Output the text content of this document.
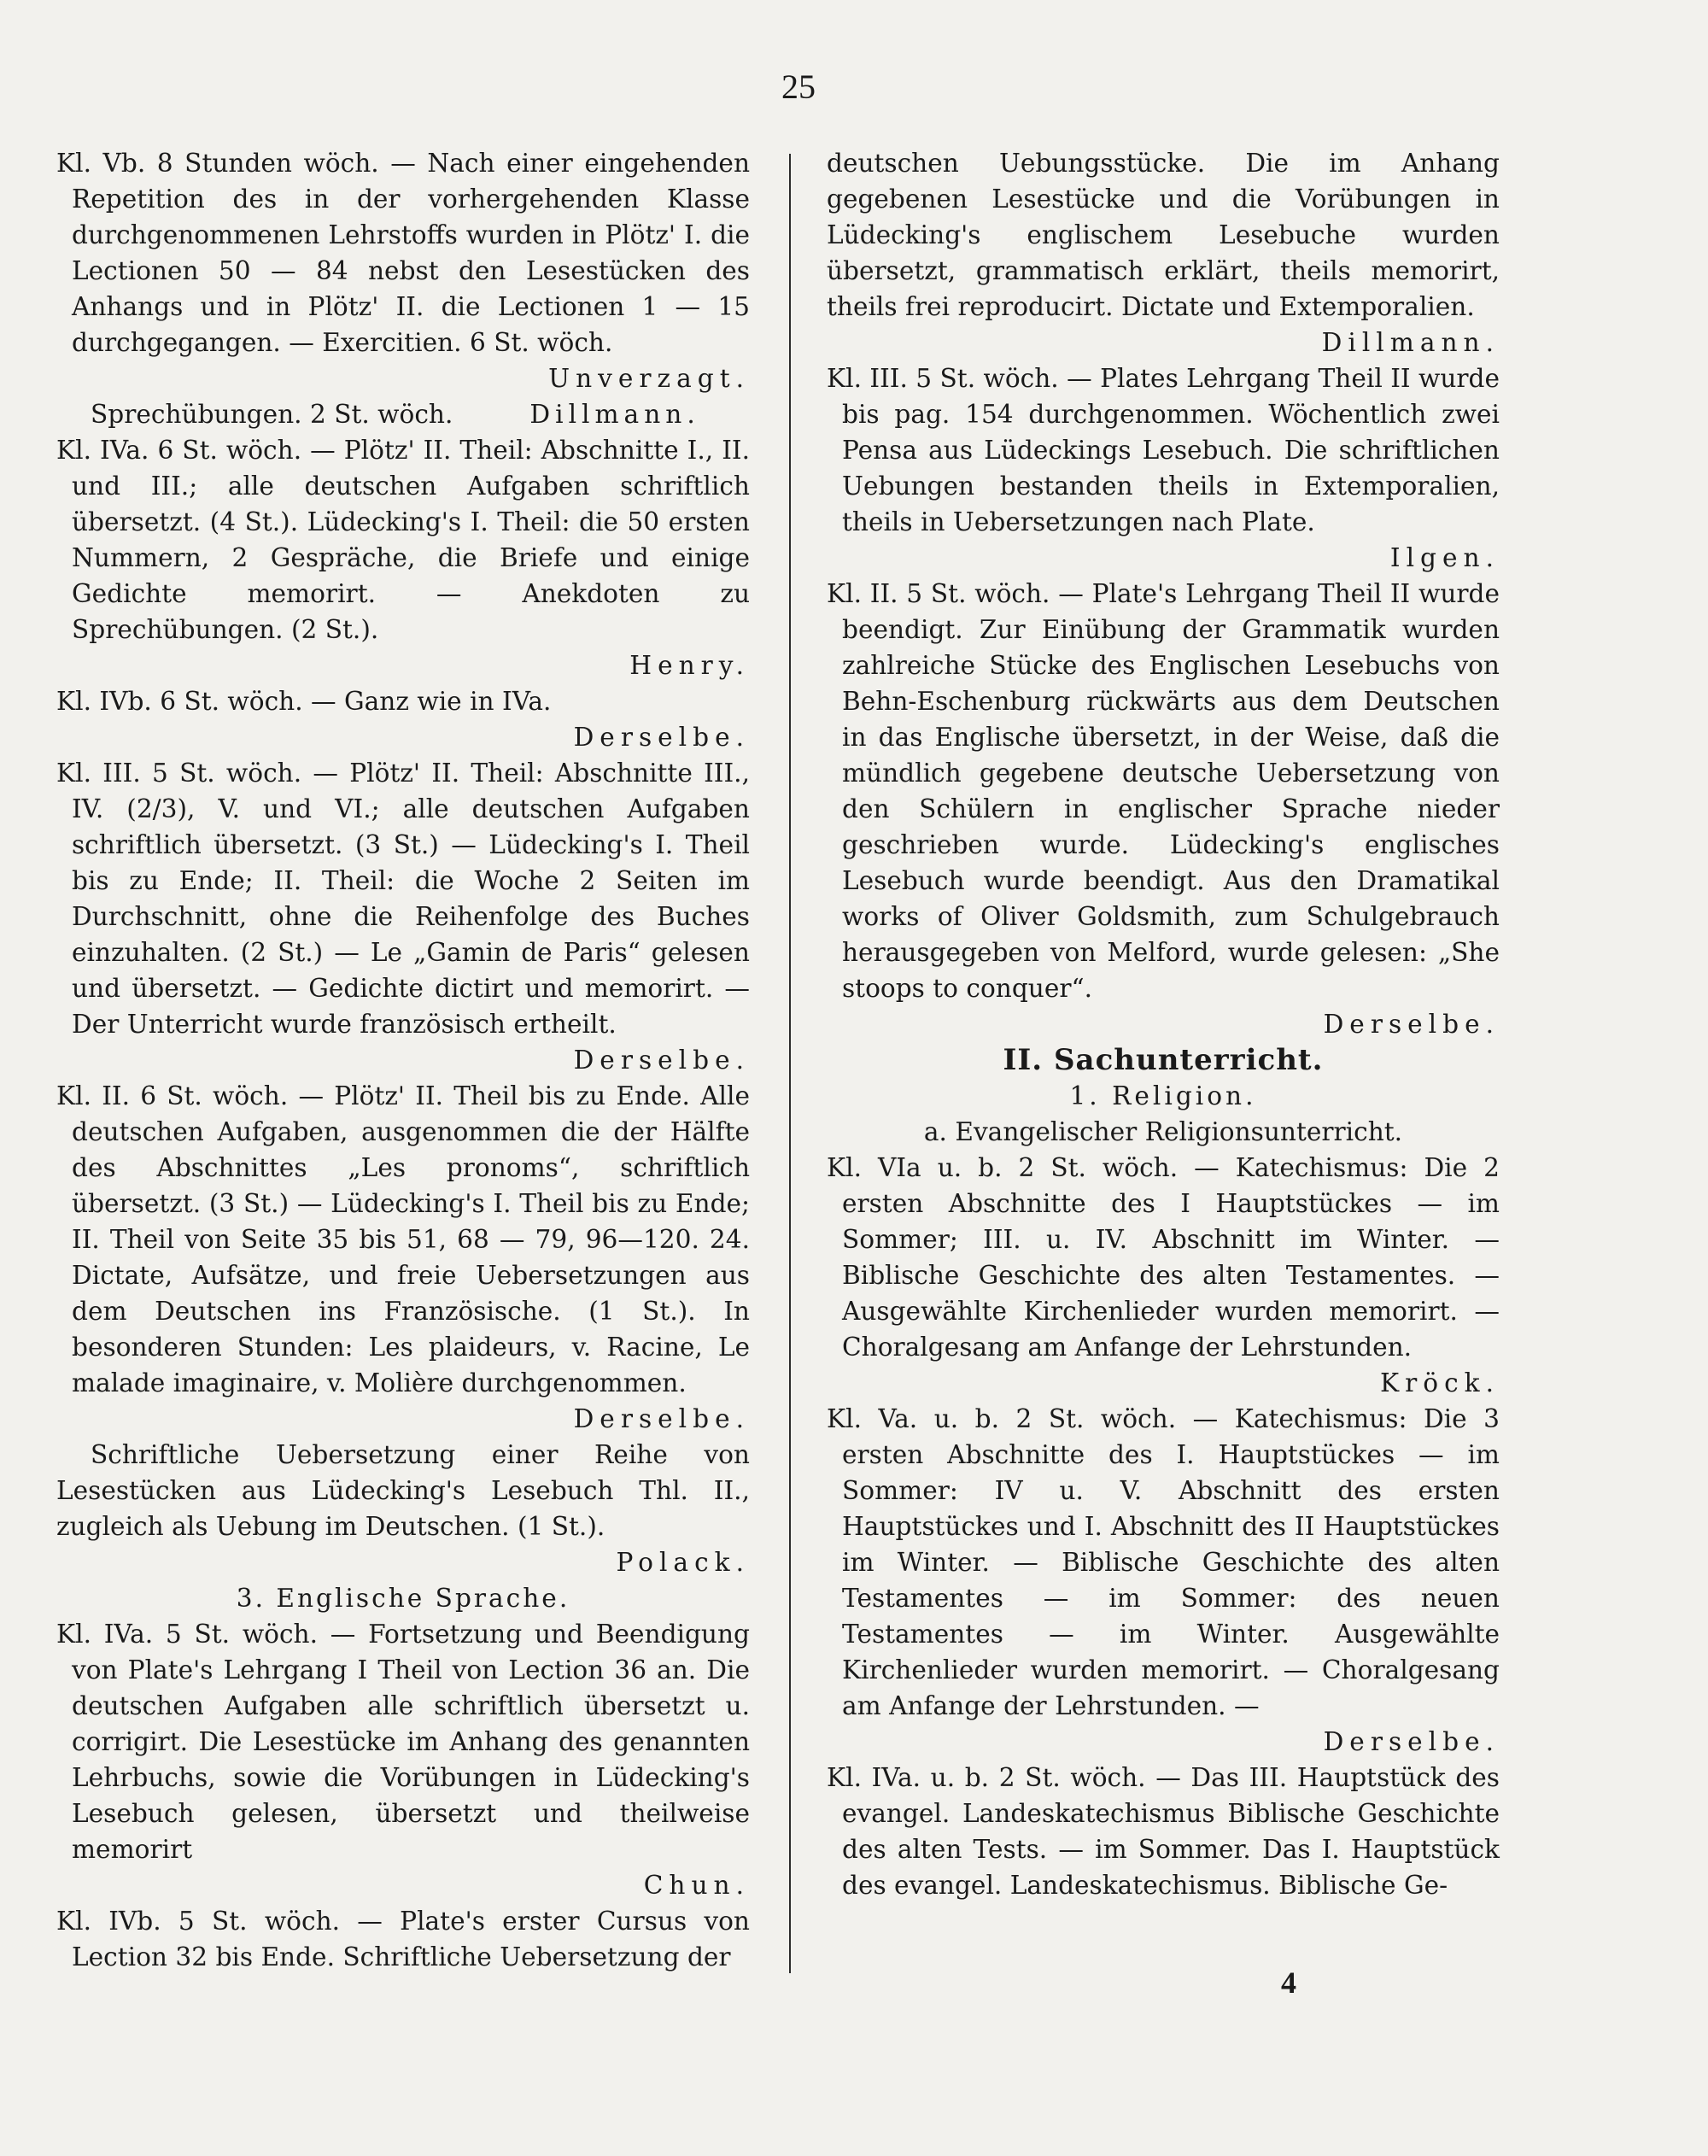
25

Kl. Vb. 8 Stunden wöch. — Nach einer eingehenden Repetition des in der vorhergehenden Klasse durchgenommenen Lehrstoffs wurden in Plötz' I. die Lectionen 50 — 84 nebst den Lesestücken des Anhangs und in Plötz' II. die Lectionen 1 — 15 durchgegangen. — Exercitien. 6 St. wöch.

Unverzagt.

Sprechübungen. 2 St. wöch.	Dillmann.

Kl. IVa. 6 St. wöch. — Plötz' II. Theil: Abschnitte I., II. und III.; alle deutschen Aufgaben schriftlich übersetzt. (4 St.). Lüdecking's I. Theil: die 50 ersten Nummern, 2 Gespräche, die Briefe und einige Gedichte memorirt. — Anekdoten zu Sprechübungen. (2 St.).

Henry.

Kl. IVb. 6 St. wöch. — Ganz wie in IVa.

Derselbe.

Kl. III. 5 St. wöch. — Plötz' II. Theil: Abschnitte III., IV. (2/3), V. und VI.; alle deutschen Aufgaben schriftlich übersetzt. (3 St.) — Lüdecking's I. Theil bis zu Ende; II. Theil: die Woche 2 Seiten im Durchschnitt, ohne die Reihenfolge des Buches einzuhalten. (2 St.) — Le „Gamin de Paris“ gelesen und übersetzt. — Gedichte dictirt und memorirt. — Der Unterricht wurde französisch ertheilt.

Derselbe.

Kl. II. 6 St. wöch. — Plötz' II. Theil bis zu Ende. Alle deutschen Aufgaben, ausgenommen die der Hälfte des Abschnittes „Les pronoms“, schriftlich übersetzt. (3 St.) — Lüdecking's I. Theil bis zu Ende; II. Theil von Seite 35 bis 51, 68 — 79, 96—120. 24. Dictate, Aufsätze, und freie Uebersetzungen aus dem Deutschen ins Französische. (1 St.). In besonderen Stunden: Les plaideurs, v. Racine, Le malade imaginaire, v. Molière durchgenommen.

Derselbe.

Schriftliche Uebersetzung einer Reihe von Lesestücken aus Lüdecking's Lesebuch Thl. II., zugleich als Uebung im Deutschen. (1 St.).

Polack.

3. Englische Sprache.

Kl. IVa. 5 St. wöch. — Fortsetzung und Beendigung von Plate's Lehrgang I Theil von Lection 36 an. Die deutschen Aufgaben alle schriftlich übersetzt u. corrigirt. Die Lesestücke im Anhang des genannten Lehrbuchs, sowie die Vorübungen in Lüdecking's Lesebuch gelesen, übersetzt und theilweise memorirt

Chun.

Kl. IVb. 5 St. wöch. — Plate's erster Cursus von Lection 32 bis Ende. Schriftliche Uebersetzung der

deutschen Uebungsstücke. Die im Anhang gegebenen Lesestücke und die Vorübungen in Lüdecking's englischem Lesebuche wurden übersetzt, grammatisch erklärt, theils memorirt, theils frei reproducirt. Dictate und Extemporalien.

Dillmann.

Kl. III. 5 St. wöch. — Plates Lehrgang Theil II wurde bis pag. 154 durchgenommen. Wöchentlich zwei Pensa aus Lüdeckings Lesebuch. Die schriftlichen Uebungen bestanden theils in Extemporalien, theils in Uebersetzungen nach Plate.

Ilgen.

Kl. II. 5 St. wöch. — Plate's Lehrgang Theil II wurde beendigt. Zur Einübung der Grammatik wurden zahlreiche Stücke des Englischen Lesebuchs von Behn-Eschenburg rückwärts aus dem Deutschen in das Englische übersetzt, in der Weise, daß die mündlich gegebene deutsche Uebersetzung von den Schülern in englischer Sprache nieder geschrieben wurde. Lüdecking's englisches Lesebuch wurde beendigt. Aus den Dramatikal works of Oliver Goldsmith, zum Schulgebrauch herausgegeben von Melford, wurde gelesen: „She stoops to conquer“.

Derselbe.

II. Sachunterricht.

1. Religion.

a. Evangelischer Religionsunterricht.

Kl. VIa u. b. 2 St. wöch. — Katechismus: Die 2 ersten Abschnitte des I Hauptstückes — im Sommer; III. u. IV. Abschnitt im Winter. — Biblische Geschichte des alten Testamentes. — Ausgewählte Kirchenlieder wurden memorirt. — Choralgesang am Anfange der Lehrstunden.

Kröck.

Kl. Va. u. b. 2 St. wöch. — Katechismus: Die 3 ersten Abschnitte des I. Hauptstückes — im Sommer: IV u. V. Abschnitt des ersten Hauptstückes und I. Abschnitt des II Hauptstückes im Winter. — Biblische Geschichte des alten Testamentes — im Sommer: des neuen Testamentes — im Winter. Ausgewählte Kirchenlieder wurden memorirt. — Choralgesang am Anfange der Lehrstunden. —

Derselbe.

Kl. IVa. u. b. 2 St. wöch. — Das III. Hauptstück des evangel. Landeskatechismus Biblische Geschichte des alten Tests. — im Sommer. Das I. Hauptstück des evangel. Landeskatechismus. Biblische Ge-

4
